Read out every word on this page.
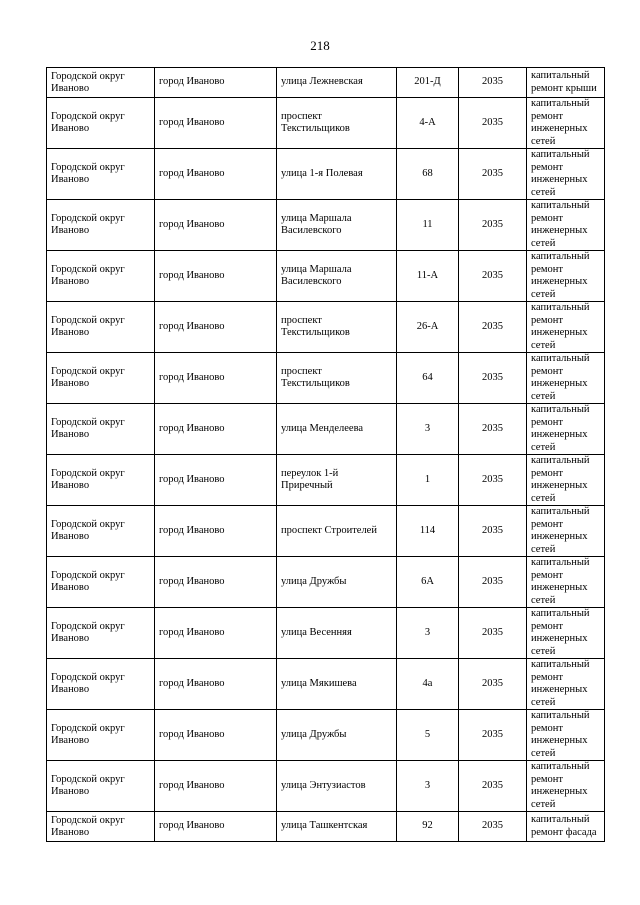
218
Городской округ Иваново	город Иваново	улица Лежневская	201-Д	2035	капитальный ремонт крыши
Городской округ Иваново	город Иваново	проспект Текстильщиков	4-А	2035	капитальный ремонт инженерных сетей
Городской округ Иваново	город Иваново	улица 1-я Полевая	68	2035	капитальный ремонт инженерных сетей
Городской округ Иваново	город Иваново	улица Маршала Василевского	11	2035	капитальный ремонт инженерных сетей
Городской округ Иваново	город Иваново	улица Маршала Василевского	11-А	2035	капитальный ремонт инженерных сетей
Городской округ Иваново	город Иваново	проспект Текстильщиков	26-А	2035	капитальный ремонт инженерных сетей
Городской округ Иваново	город Иваново	проспект Текстильщиков	64	2035	капитальный ремонт инженерных сетей
Городской округ Иваново	город Иваново	улица Менделеева	3	2035	капитальный ремонт инженерных сетей
Городской округ Иваново	город Иваново	переулок 1-й Приречный	1	2035	капитальный ремонт инженерных сетей
Городской округ Иваново	город Иваново	проспект Строителей	114	2035	капитальный ремонт инженерных сетей
Городской округ Иваново	город Иваново	улица Дружбы	6А	2035	капитальный ремонт инженерных сетей
Городской округ Иваново	город Иваново	улица Весенняя	3	2035	капитальный ремонт инженерных сетей
Городской округ Иваново	город Иваново	улица Мякишева	4а	2035	капитальный ремонт инженерных сетей
Городской округ Иваново	город Иваново	улица Дружбы	5	2035	капитальный ремонт инженерных сетей
Городской округ Иваново	город Иваново	улица Энтузиастов	3	2035	капитальный ремонт инженерных сетей
Городской округ Иваново	город Иваново	улица Ташкентская	92	2035	капитальный ремонт фасада
